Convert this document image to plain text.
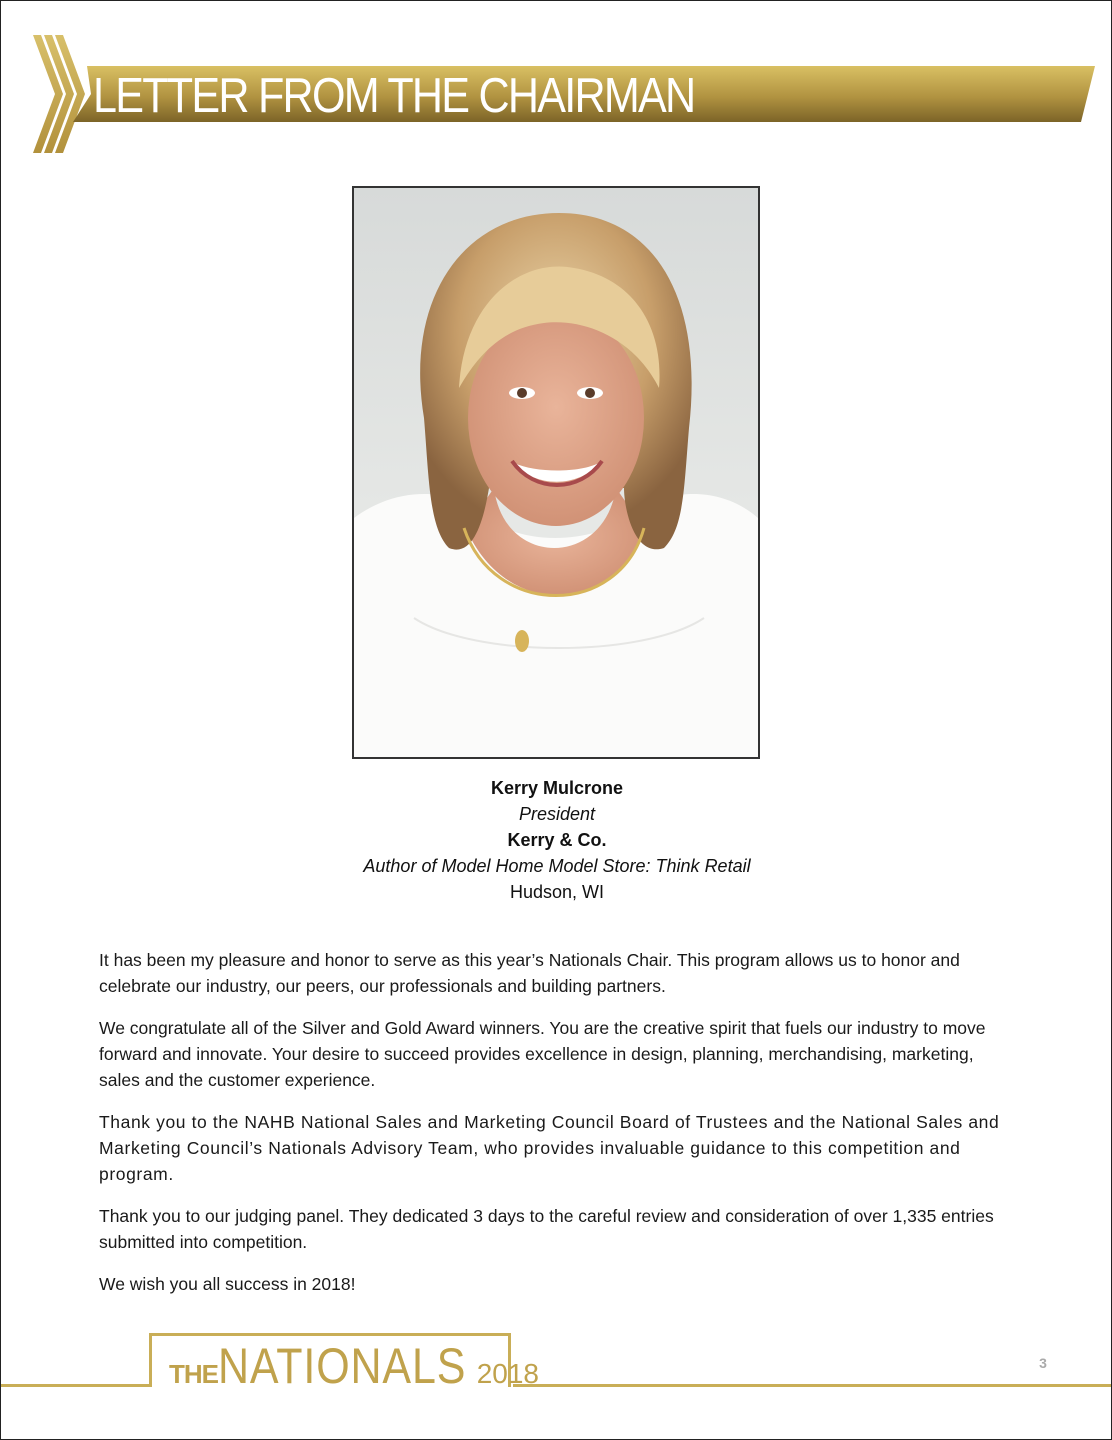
LETTER FROM THE CHAIRMAN
Kerry Mulcrone
President
Kerry & Co.
Author of Model Home Model Store: Think Retail
Hudson, WI

It has been my pleasure and honor to serve as this year’s Nationals Chair. This program allows us to honor and celebrate our industry, our peers, our professionals and building partners.

We congratulate all of the Silver and Gold Award winners. You are the creative spirit that fuels our industry to move forward and innovate. Your desire to succeed provides excellence in design, planning, merchandising, marketing, sales and the customer experience.

Thank you to the NAHB National Sales and Marketing Council Board of Trustees and the National Sales and Marketing Council’s Nationals Advisory Team, who provides invaluable guidance to this competition and program.

Thank you to our judging panel. They dedicated 3 days to the careful review and consideration of over 1,335 entries submitted into competition.

We wish you all success in 2018!

THENATIONALS 2018	3
